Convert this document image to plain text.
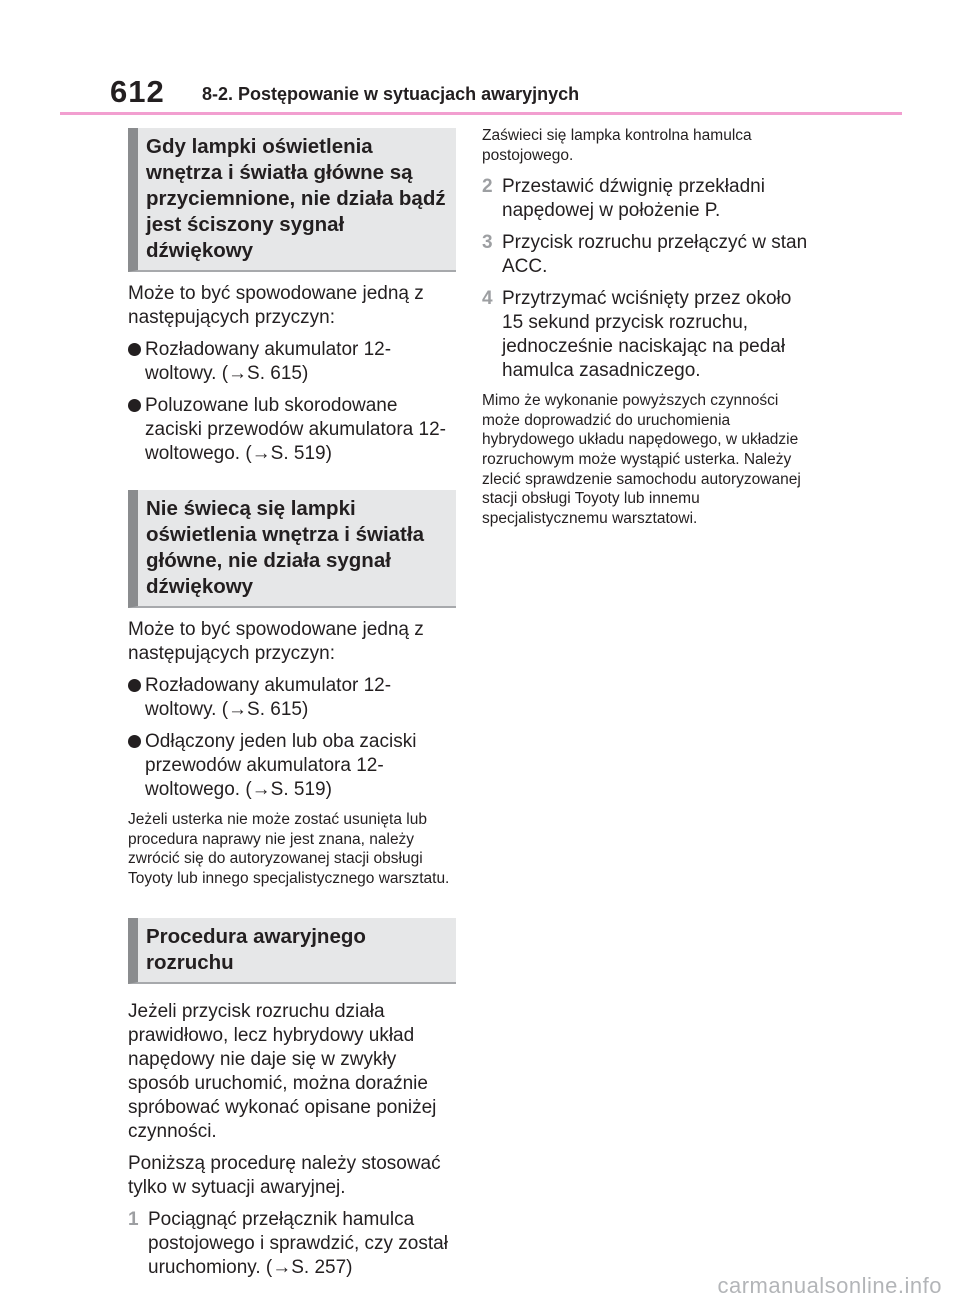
612 8-2. Postępowanie w sytuacjach awaryjnych
Gdy lampki oświetlenia wnętrza i światła główne są przyciemnione, nie działa bądź jest ściszony sygnał dźwiękowy

Może to być spowodowane jedną z następujących przyczyn:

Rozładowany akumulator 12-woltowy. (→S. 615)
Poluzowane lub skorodowane zaciski przewodów akumulatora 12-woltowego. (→S. 519)
Nie świecą się lampki oświetlenia wnętrza i światła główne, nie działa sygnał dźwiękowy

Może to być spowodowane jedną z następujących przyczyn:

Rozładowany akumulator 12-woltowy. (→S. 615)
Odłączony jeden lub oba zaciski przewodów akumulatora 12-woltowego. (→S. 519)

Jeżeli usterka nie może zostać usunięta lub procedura naprawy nie jest znana, należy zwrócić się do autoryzowanej stacji obsługi Toyoty lub innego specjalistycznego warsztatu.

Procedura awaryjnego rozruchu

Jeżeli przycisk rozruchu działa prawidłowo, lecz hybrydowy układ napędowy nie daje się w zwykły sposób uruchomić, można doraźnie spróbować wykonać opisane poniżej czynności.

Poniższą procedurę należy stosować tylko w sytuacji awaryjnej.

1 Pociągnąć przełącznik hamulca postojowego i sprawdzić, czy został uruchomiony. (→S. 257)

Zaświeci się lampka kontrolna hamulca postojowego.

2 Przestawić dźwignię przekładni napędowej w położenie P.
3 Przycisk rozruchu przełączyć w stan ACC.
4 Przytrzymać wciśnięty przez około 15 sekund przycisk rozruchu, jednocześnie naciskając na pedał hamulca zasadniczego.

Mimo że wykonanie powyższych czynności może doprowadzić do uruchomienia hybrydowego układu napędowego, w układzie rozruchowym może wystąpić usterka. Należy zlecić sprawdzenie samochodu autoryzowanej stacji obsługi Toyoty lub innemu specjalistycznemu warsztatowi.

carmanualsonline.info
